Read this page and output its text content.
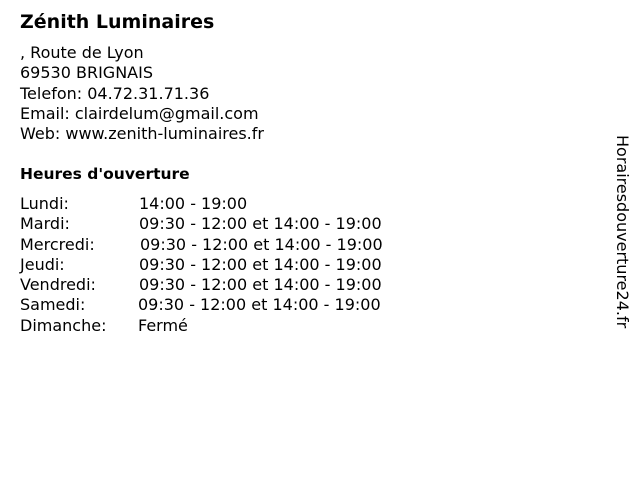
Zénith Luminaires
, Route de Lyon
69530 BRIGNAIS
Telefon: 04.72.31.71.36
Email: clairdelum@gmail.com
Web: www.zenith-luminaires.fr
Heures d'ouverture
Lundi:	14:00 - 19:00
Mardi:	09:30 - 12:00 et 14:00 - 19:00
Mercredi:	09:30 - 12:00 et 14:00 - 19:00
Jeudi:	09:30 - 12:00 et 14:00 - 19:00
Vendredi:	09:30 - 12:00 et 14:00 - 19:00
Samedi:	09:30 - 12:00 et 14:00 - 19:00
Dimanche: Fermé	Horairesdouverture24.fr
